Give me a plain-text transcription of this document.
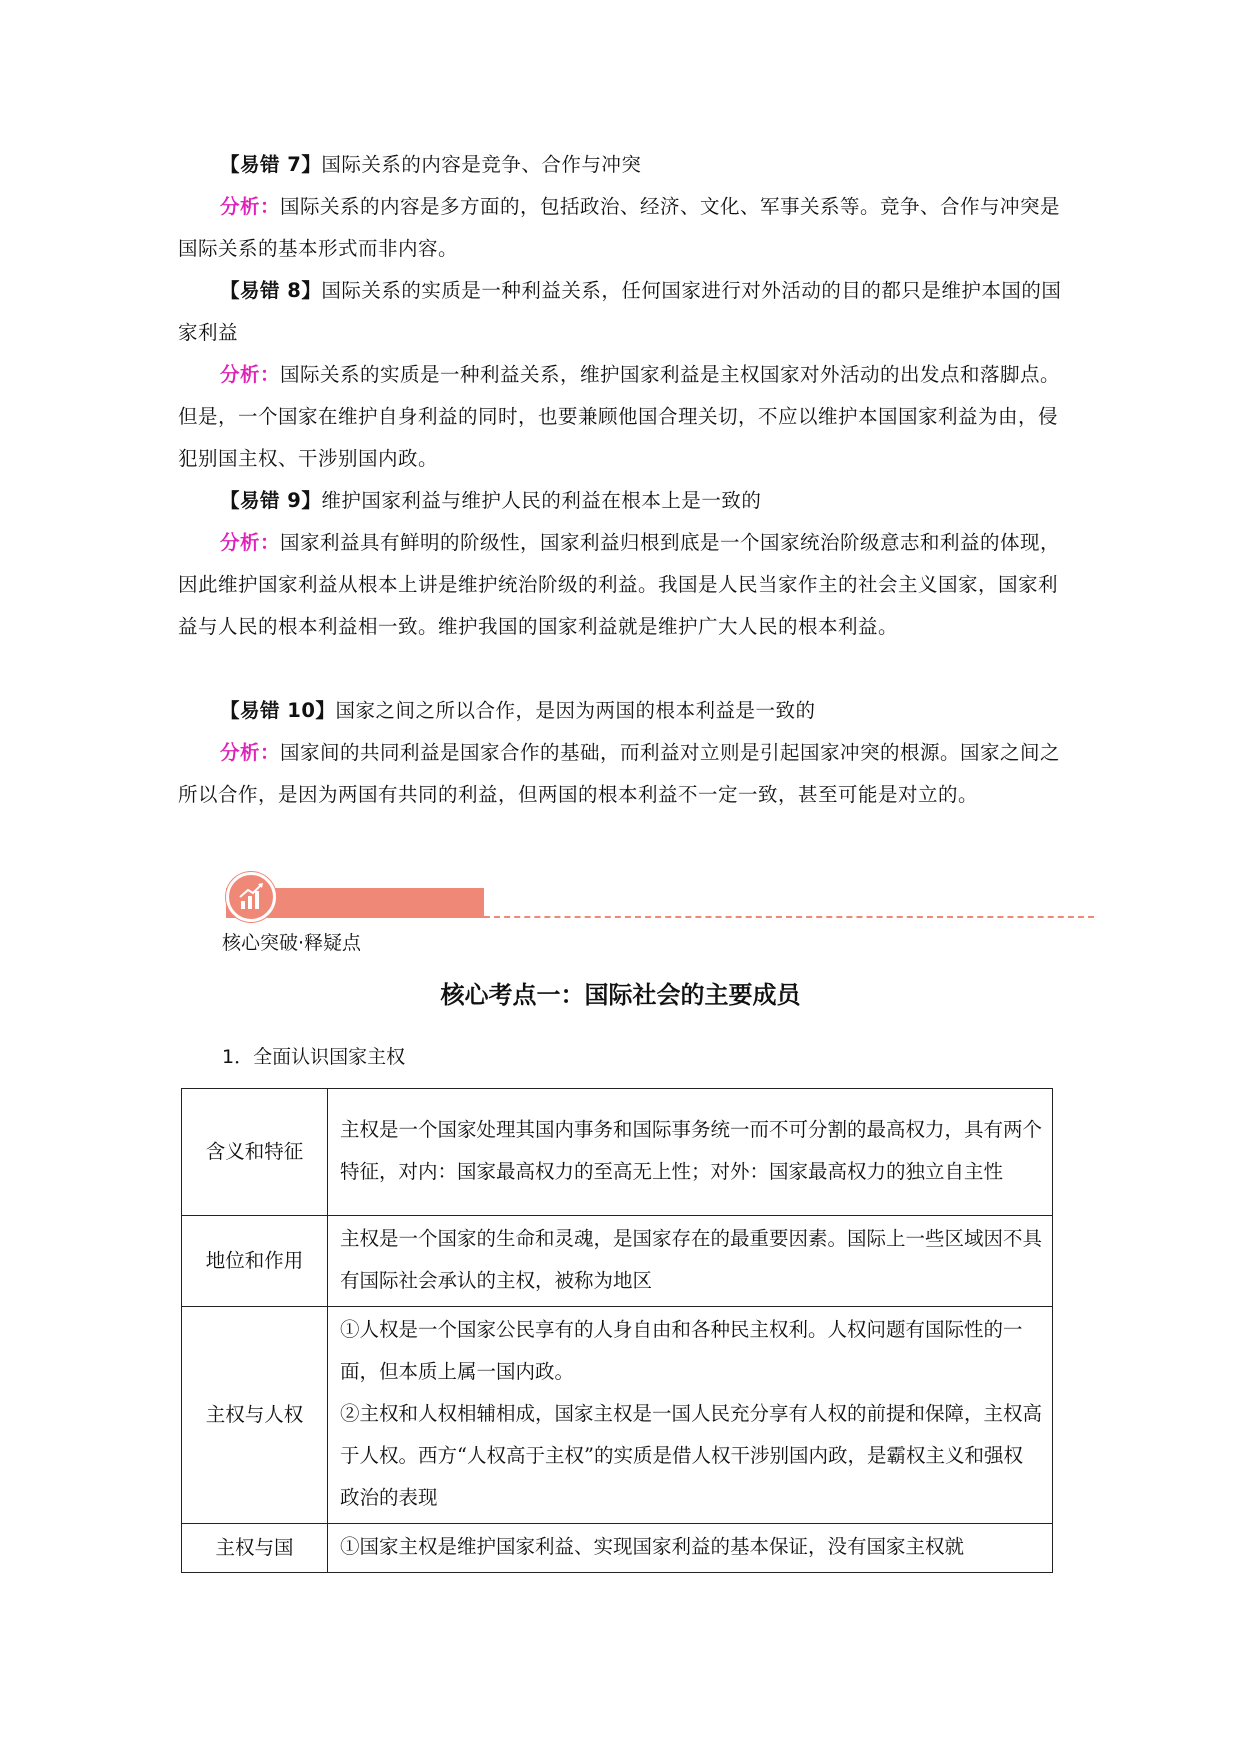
【易错 7】国际关系的内容是竞争、合作与冲突
分析：国际关系的内容是多方面的，包括政治、经济、文化、军事关系等。竞争、合作与冲突是国际关系的基本形式而非内容。
【易错 8】国际关系的实质是一种利益关系，任何国家进行对外活动的目的都只是维护本国的国家利益
分析：国际关系的实质是一种利益关系，维护国家利益是主权国家对外活动的出发点和落脚点。但是，一个国家在维护自身利益的同时，也要兼顾他国合理关切，不应以维护本国国家利益为由，侵犯别国主权、干涉别国内政。
【易错 9】维护国家利益与维护人民的利益在根本上是一致的
分析：国家利益具有鲜明的阶级性，国家利益归根到底是一个国家统治阶级意志和利益的体现，因此维护国家利益从根本上讲是维护统治阶级的利益。我国是人民当家作主的社会主义国家，国家利益与人民的根本利益相一致。维护我国的国家利益就是维护广大人民的根本利益。
【易错 10】国家之间之所以合作，是因为两国的根本利益是一致的
分析：国家间的共同利益是国家合作的基础，而利益对立则是引起国家冲突的根源。国家之间之所以合作，是因为两国有共同的利益，但两国的根本利益不一定一致，甚至可能是对立的。
核心突破·释疑点
核心考点一：国际社会的主要成员
1．全面认识国家主权
含义和特征	主权是一个国家处理其国内事务和国际事务统一而不可分割的最高权力，具有两个特征，对内：国家最高权力的至高无上性；对外：国家最高权力的独立自主性
地位和作用	主权是一个国家的生命和灵魂，是国家存在的最重要因素。国际上一些区域因不具有国际社会承认的主权，被称为地区
主权与人权	①人权是一个国家公民享有的人身自由和各种民主权利。人权问题有国际性的一面，但本质上属一国内政。
②主权和人权相辅相成，国家主权是一国人民充分享有人权的前提和保障，主权高于人权。西方“人权高于主权”的实质是借人权干涉别国内政，是霸权主义和强权政治的表现

主权与国	①国家主权是维护国家利益、实现国家利益的基本保证，没有国家主权就
